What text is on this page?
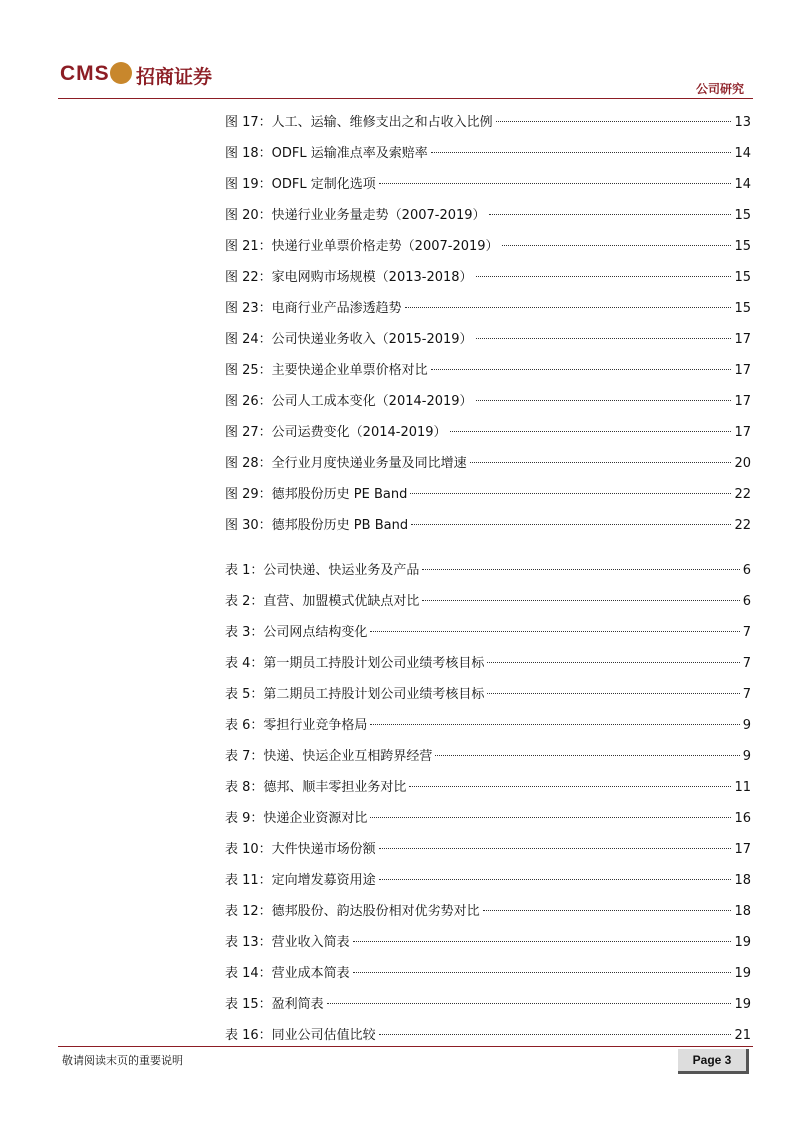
CMS 招商证券
公司研究
图 17：人工、运输、维修支出之和占收入比例	13
图 18：ODFL 运输准点率及索赔率	14
图 19：ODFL 定制化选项	14
图 20：快递行业业务量走势（2007-2019）	15
图 21：快递行业单票价格走势（2007-2019）	15
图 22：家电网购市场规模（2013-2018）	15
图 23：电商行业产品渗透趋势	15
图 24：公司快递业务收入（2015-2019）	17
图 25：主要快递企业单票价格对比	17
图 26：公司人工成本变化（2014-2019）	17
图 27：公司运费变化（2014-2019）	17
图 28：全行业月度快递业务量及同比增速	20
图 29：德邦股份历史 PE Band	22
图 30：德邦股份历史 PB Band	22
表 1：公司快递、快运业务及产品	6
表 2：直营、加盟模式优缺点对比	6
表 3：公司网点结构变化	7
表 4：第一期员工持股计划公司业绩考核目标	7
表 5：第二期员工持股计划公司业绩考核目标	7
表 6：零担行业竞争格局	9
表 7：快递、快运企业互相跨界经营	9
表 8：德邦、顺丰零担业务对比	11
表 9：快递企业资源对比	16
表 10：大件快递市场份额	17
表 11：定向增发募资用途	18
表 12：德邦股份、韵达股份相对优劣势对比	18
表 13：营业收入简表	19
表 14：营业成本简表	19
表 15：盈利简表	19
表 16：同业公司估值比较	21
敬请阅读末页的重要说明	Page 3
